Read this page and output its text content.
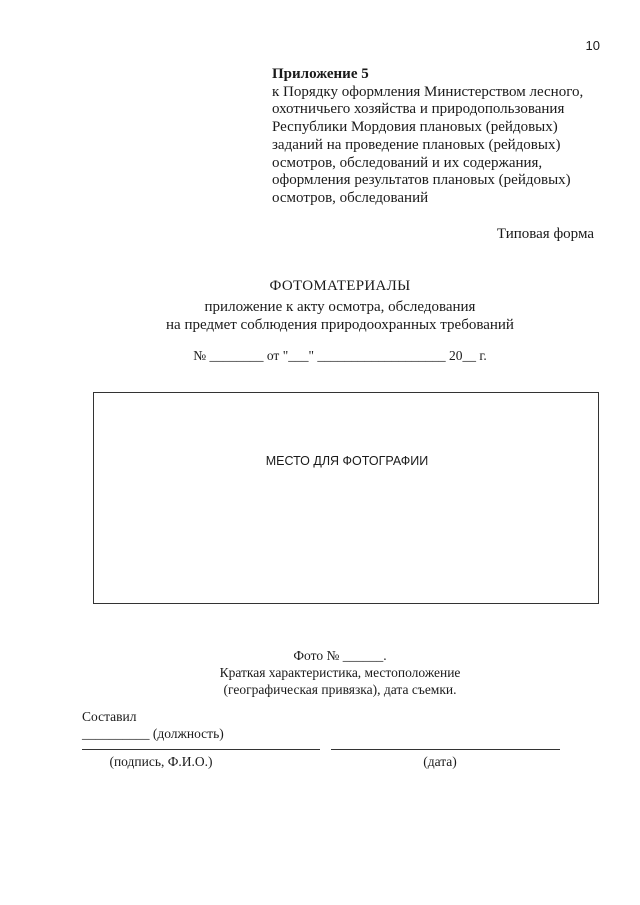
10
Приложение 5
к Порядку оформления Министерством лесного,
охотничьего хозяйства и природопользования
Республики Мордовия плановых (рейдовых)
заданий на проведение плановых (рейдовых)
осмотров, обследований и их содержания,
оформления результатов плановых (рейдовых)
осмотров, обследований
Типовая форма
ФОТОМАТЕРИАЛЫ
приложение к акту осмотра, обследования
на предмет соблюдения природоохранных требований
№ ________ от "___" ___________________ 20__ г.
МЕСТО ДЛЯ ФОТОГРАФИИ
Фото № ______.
Краткая характеристика, местоположение
(географическая привязка), дата съемки.
Составил
__________ (должность)
(подпись, Ф.И.О.)	(дата)
